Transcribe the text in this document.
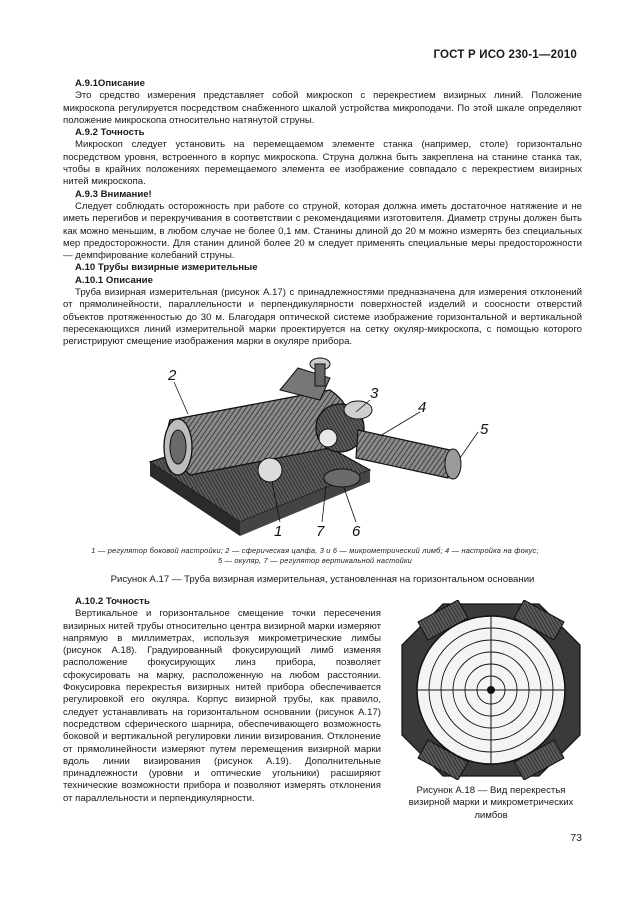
ГОСТ Р ИСО 230-1—2010
А.9.1Описание

Это средство измерения представляет собой микроскоп с перекрестием визирных линий. Положение микроскопа регулируется посредством снабженного шкалой устройства микроподачи. По этой шкале определяют положение микроскопа относительно натянутой струны.

А.9.2 Точность

Микроскоп следует установить на перемещаемом элементе станка (например, столе) горизонтально посредством уровня, встроенного в корпус микроскопа. Струна должна быть закреплена на станине станка так, чтобы в крайних положениях перемещаемого элемента ее изображение совпадало с перекрестием визирных нитей микроскопа.

А.9.3 Внимание!

Следует соблюдать осторожность при работе со струной, которая должна иметь достаточное натяжение и не иметь перегибов и перекручивания в соответствии с рекомендациями изготовителя. Диаметр струны должен быть как можно меньшим, в любом случае не более 0,1 мм. Станины длиной до 20 м можно измерять без специальных мер предосторожности. Для станин длиной более 20 м следует применять специальные меры предосторожности — демпфирование колебаний струны.

А.10 Трубы визирные измерительные
А.10.1 Описание

Труба визирная измерительная (рисунок А.17) с принадлежностями предназначена для измерения отклонений от прямолинейности, параллельности и перпендикулярности поверхностей изделий и соосности отверстий объектов протяженностью до 30 м. Благодаря оптической системе изображение горизонтальной и вертикальной пересекающихся линий измерительной марки проектируется на сетку окуляр-микроскопа, с помощью которого регистрируют смещение изображения марки в окуляре прибора.

2
3
4
5
1 7 6
1 — регулятор боковой настройки; 2 — сферическая цапфа, 3 и 6 — микрометрический лимб; 4 — настройка на фокус;
5 — окуляр, 7 — регулятор вертикальной настойки
Рисунок А.17 — Труба визирная измерительная, установленная на горизонтальном основании
А.10.2 Точность

Вертикальное и горизонтальное смещение точки пересечения визирных нитей трубы относительно центра визирной марки измеряют напрямую в миллиметрах, используя микрометрические лимбы (рисунок А.18). Градуированный фокусирующий лимб изменяя расположение фокусирующих линз прибора, позволяет сфокусировать на марку, расположенную на любом расстоянии. Фокусировка перекрестья визирных нитей прибора обеспечивается регулировкой его окуляра. Корпус визирной трубы, как правило, следует устанавливать на горизонтальном основании (рисунок А.17) посредством сферического шарнира, обеспечивающего возможность боковой и вертикальной регулировки линии визирования. Отклонение от прямолинейности измеряют путем перемещения визирной марки вдоль линии визирования (рисунок А.19). Дополнительные принадлежности (уровни и оптические угольники) расширяют технические возможности прибора и позволяют измерять отклонения от параллельности и перпендикулярности.

Рисунок А.18 — Вид перекрестья визирной марки и микрометрических лимбов
73
